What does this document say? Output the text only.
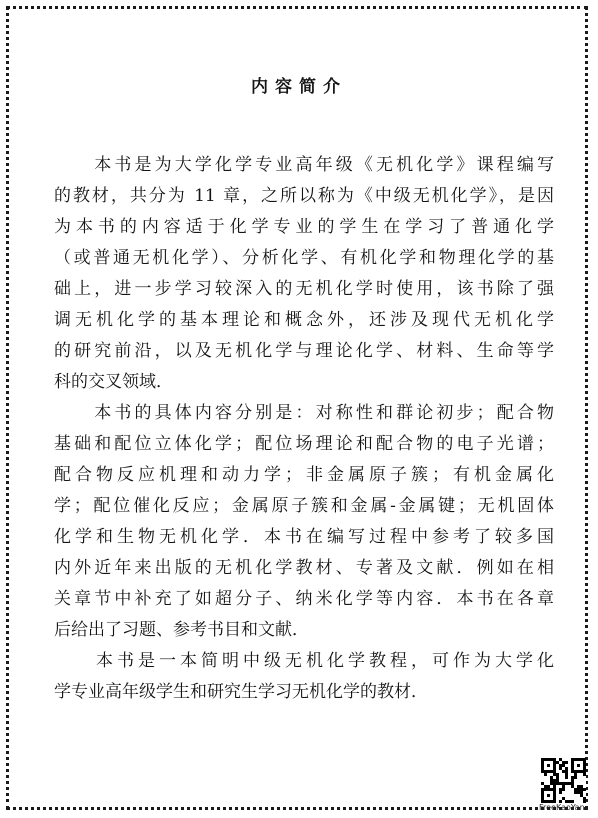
内容简介
　　本书是为大学化学专业高年级《无机化学》课程编写
的教材，共分为 11 章，之所以称为《中级无机化学》，是因
为本书的内容适于化学专业的学生在学习了普通化学
（或普通无机化学）、分析化学、有机化学和物理化学的基
础上，进一步学习较深入的无机化学时使用，该书除了强
调无机化学的基本理论和概念外，还涉及现代无机化学
的研究前沿，以及无机化学与理论化学、材料、生命等学
科的交叉领域．
　　本书的具体内容分别是：对称性和群论初步；配合物
基础和配位立体化学；配位场理论和配合物的电子光谱；
配合物反应机理和动力学；非金属原子簇；有机金属化
学；配位催化反应；金属原子簇和金属-金属键；无机固体
化学和生物无机化学．本书在编写过程中参考了较多国
内外近年来出版的无机化学教材、专著及文献．例如在相
关章节中补充了如超分子、纳米化学等内容．本书在各章
后给出了习题、参考书目和文献．
　　本书是一本简明中级无机化学教程，可作为大学化
学专业高年级学生和研究生学习无机化学的教材．
FreeKaoYan
